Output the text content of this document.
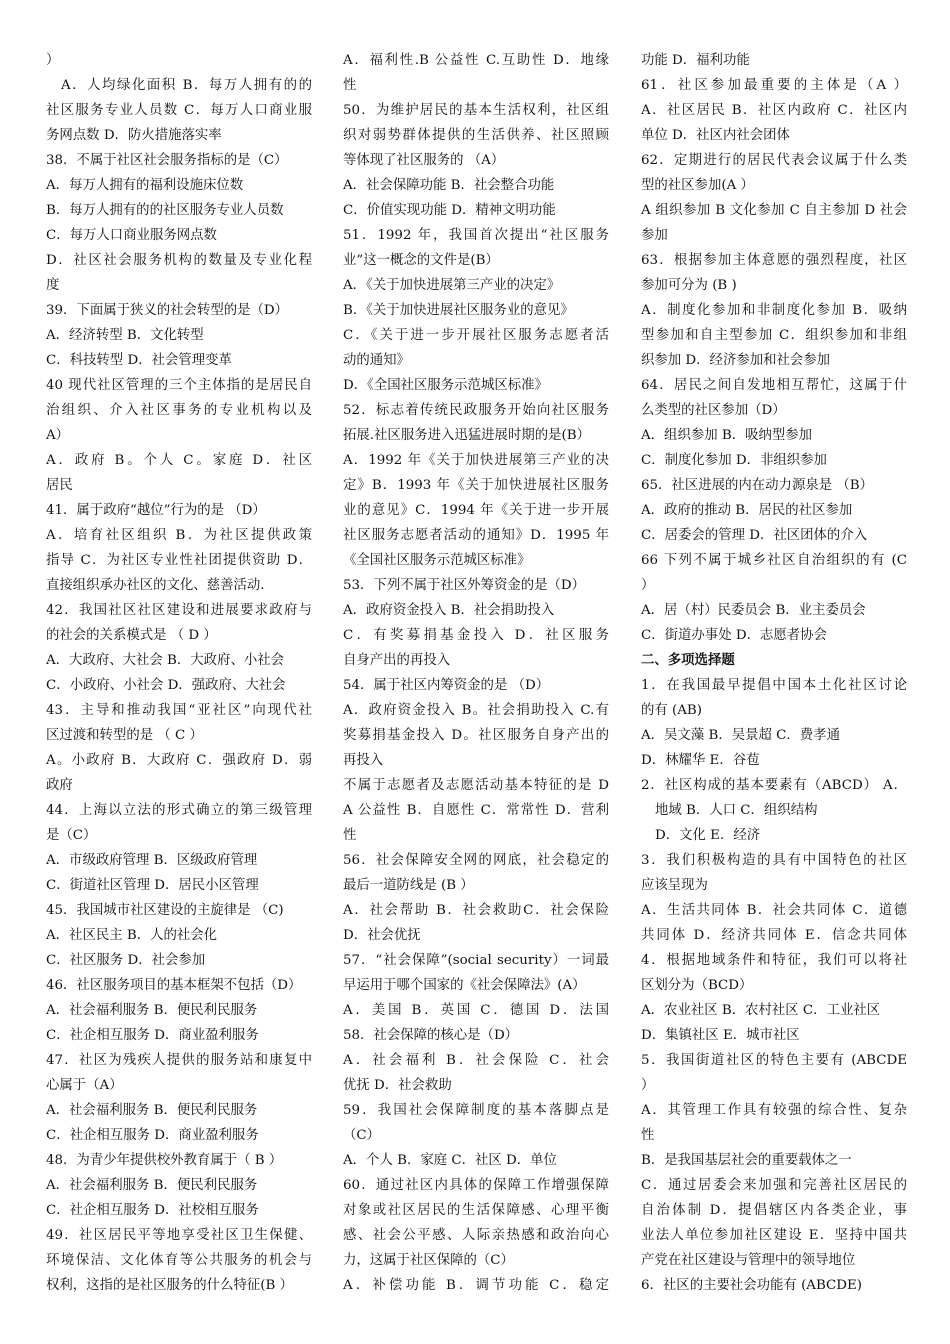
）
　A．人均绿化面积 B．每万人拥有的的
社区服务专业人员数 C．每万人口商业服
务网点数 D．防火措施落实率
38．不属于社区社会服务指标的是（C）
A．每万人拥有的福利设施床位数
B．每万人拥有的的社区服务专业人员数
C．每万人口商业服务网点数
D．社区社会服务机构的数量及专业化程
度
39．下面属于狭义的社会转型的是（D）
A．经济转型 B．文化转型
C．科技转型 D．社会管理变革
40 现代社区管理的三个主体指的是居民自
治组织、介入社区事务的专业机构以及
A）
A．政府 B。个人 C。家庭 D．社区
居民
41．属于政府“越位”行为的是 （D）
A．培育社区组织 B．为社区提供政策
指导 C．为社区专业性社团提供资助 D．
直接组织承办社区的文化、慈善活动.
42．我国社区社区建设和进展要求政府与
的社会的关系模式是 （ D ）
A．大政府、大社会 B．大政府、小社会
C．小政府、小社会 D．强政府、大社会
43．主导和推动我国“亚社区”向现代社
区过渡和转型的是 （ C ）
A。小政府 B．大政府 C．强政府 D．弱
政府
44．上海以立法的形式确立的第三级管理
是（C）
A．市级政府管理 B．区级政府管理
C．街道社区管理 D．居民小区管理
45．我国城市社区建设的主旋律是 （C)
A．社区民主 B．人的社会化
C．社区服务 D．社会参加
46．社区服务项目的基本框架不包括（D）
A．社会福利服务 B．便民利民服务
C．社企相互服务 D．商业盈利服务
47．社区为残疾人提供的服务站和康复中
心属于（A）
A．社会福利服务 B．便民利民服务
C．社企相互服务 D．商业盈利服务
48．为青少年提供校外教育属于（ B ）
A．社会福利服务 B．便民利民服务
C．社企相互服务 D．社校相互服务
49．社区居民平等地享受社区卫生保健、
环境保洁、文化体育等公共服务的机会与
权利，这指的是社区服务的什么特征(B ）
A．福利性.B 公益性 C.互助性 D．地缘
性
50．为维护居民的基本生活权利，社区组
织对弱势群体提供的生活供养、社区照顾
等体现了社区服务的 （A）
A．社会保障功能 B．社会整合功能
C．价值实现功能 D．精神文明功能
51．1992 年，我国首次提出“社区服务
业”这一概念的文件是(B）
A．《关于加快进展第三产业的决定》
B．《关于加快进展社区服务业的意见》
C．《关于进一步开展社区服务志愿者活
动的通知》
D．《全国社区服务示范城区标准》
52．标志着传统民政服务开始向社区服务
拓展.社区服务进入迅猛进展时期的是(B）
A．1992 年《关于加快进展第三产业的决
定》B．1993 年《关于加快进展社区服务
业的意见》C．1994 年《关于进一步开展
社区服务志愿者活动的通知》D．1995 年
《全国社区服务示范城区标准》
53．下列不属于社区外筹资金的是（D）
A．政府资金投入 B．社会捐助投入
C．有奖募捐基金投入 D．社区服务
自身产出的再投入
54．属于社区内筹资金的是 （D）
A．政府资金投入 B。社会捐助投入 C.有
奖募捐基金投入 D。社区服务自身产出的
再投入
不属于志愿者及志愿活动基本特征的是 D
A 公益性 B．自愿性 C．常常性 D．营利
性
56．社会保障安全网的网底，社会稳定的
最后一道防线是 (B ）
A．社会帮助 B．社会救助C．社会保险
D．社会优抚
57．“社会保障”(social security）一词最
早运用于哪个国家的《社会保障法》(A）
A．美国 B．英国 C．德国 D．法国
58．社会保障的核心是（D）
A．社会福利 B．社会保险 C．社会
优抚 D．社会救助
59．我国社会保障制度的基本落脚点是
（C）
A．个人 B．家庭 C．社区 D．单位
60．通过社区内具体的保障工作增强保障
对象或社区居民的生活保障感、心理平衡
感、社会公平感、人际亲热感和政治向心
力，这属于社区保障的（C）
A．补偿功能 B．调节功能 C．稳定
功能 D．福利功能
61．社区参加最重要的主体是（A ）
A．社区居民 B．社区内政府 C．社区内
单位 D．社区内社会团体
62．定期进行的居民代表会议属于什么类
型的社区参加(A ）
A 组织参加 B 文化参加 C 自主参加 D 社会
参加
63．根据参加主体意愿的强烈程度，社区
参加可分为 (B )
A．制度化参加和非制度化参加 B．吸纳
型参加和自主型参加 C．组织参加和非组
织参加 D．经济参加和社会参加
64．居民之间自发地相互帮忙，这属于什
么类型的社区参加（D）
A．组织参加 B．吸纳型参加
C．制度化参加 D．非组织参加
65．社区进展的内在动力源泉是 （B）
A．政府的推动 B．居民的社区参加
C．居委会的管理 D．社区团体的介入
66 下列不属于城乡社区自治组织的有 (C
）
A．居（村）民委员会 B．业主委员会
C．街道办事处 D．志愿者协会
二、多项选择题
1．在我国最早提倡中国本土化社区讨论
的有 (AB)
A．吴文藻 B．吴景超 C．费孝通
D．林耀华 E．谷苞
2．社区构成的基本要素有（ABCD） A．
地域 B．人口 C．组织结构
D．文化 E．经济
3．我们积极构造的具有中国特色的社区
应该呈现为
A．生活共同体 B．社会共同体 C．道德
共同体 D．经济共同体 E．信念共同体
4．根据地域条件和特征，我们可以将社
区划分为（BCD）
A．农业社区 B．农村社区 C．工业社区
D．集镇社区 E．城市社区
5．我国街道社区的特色主要有 (ABCDE
）
A．其管理工作具有较强的综合性、复杂
性
B．是我国基层社会的重要载体之一
C．通过居委会来加强和完善社区居民的
自治体制 D．提倡辖区内各类企业，事
业法人单位参加社区建设 E．坚持中国共
产党在社区建设与管理中的领导地位
6．社区的主要社会功能有 (ABCDE)
